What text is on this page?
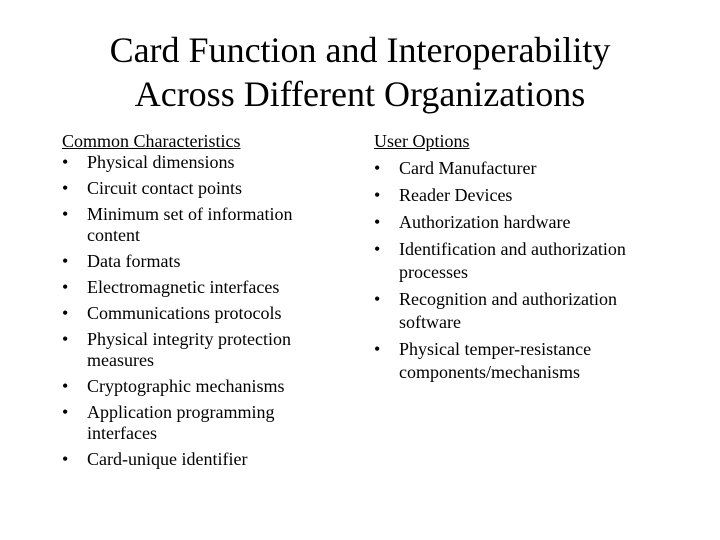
Card Function and Interoperability
Across Different Organizations
Common Characteristics
•	Physical dimensions
•	Circuit contact points
•	Minimum set of information
content
•	Data formats
•	Electromagnetic interfaces
•	Communications protocols
•	Physical integrity protection
measures
•	Cryptographic mechanisms
•	Application programming
interfaces
•	Card-unique identifier
User Options
•	Card Manufacturer
•	Reader Devices
•	Authorization hardware
•	Identification and authorization
processes
•	Recognition and authorization
software
•	Physical temper-resistance
components/mechanisms
